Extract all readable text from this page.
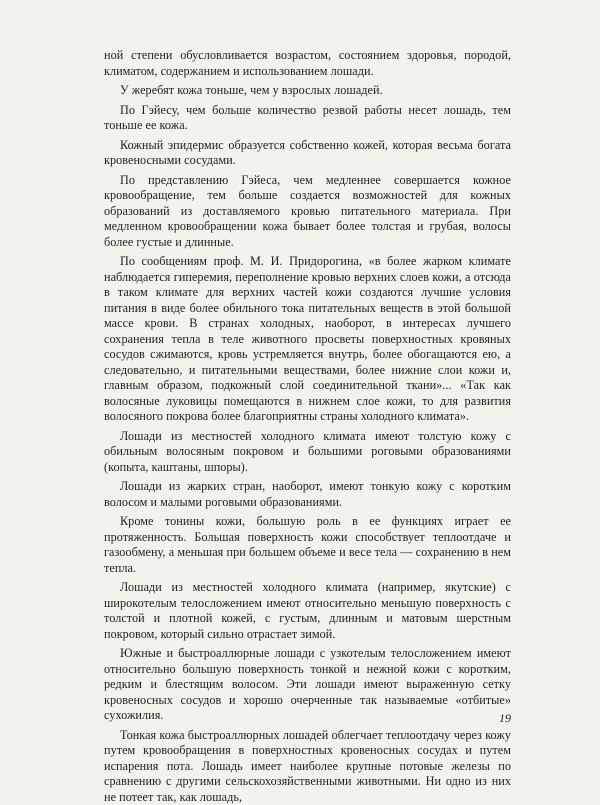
ной степени обусловливается возрастом, состоянием здоровья, породой, климатом, содержанием и использованием лошади.

У жеребят кожа тоньше, чем у взрослых лошадей.

По Гэйесу, чем больше количество резвой работы несет лошадь, тем тоньше ее кожа.

Кожный эпидермис образуется собственно кожей, которая весьма богата кровеносными сосудами.

По представлению Гэйеса, чем медленнее совершается кожное кровообращение, тем больше создается возможностей для кожных образований из доставляемого кровью питательного материала. При медленном кровообращении кожа бывает более толстая и грубая, волосы более густые и длинные.

По сообщениям проф. М. И. Придорогина, «в более жарком климате наблюдается гиперемия, переполнение кровью верхних слоев кожи, а отсюда в таком климате для верхних частей кожи создаются лучшие условия питания в виде более обильного тока питательных веществ в этой большой массе крови. В странах холодных, наоборот, в интересах лучшего сохранения тепла в теле животного просветы поверхностных кровяных сосудов сжимаются, кровь устремляется внутрь, более обогащаются ею, а следовательно, и питательными веществами, более нижние слои кожи и, главным образом, подкожный слой соединительной ткани»... «Так как волосяные луковицы помещаются в нижнем слое кожи, то для развития волосяного покрова более благоприятны страны холодного климата».

Лошади из местностей холодного климата имеют толстую кожу с обильным волосяным покровом и большими роговыми образованиями (копыта, каштаны, шпоры).

Лошади из жарких стран, наоборот, имеют тонкую кожу с коротким волосом и малыми роговыми образованиями.

Кроме тонины кожи, большую роль в ее функциях играет ее протяженность. Большая поверхность кожи способствует теплоотдаче и газообмену, а меньшая при большем объеме и весе тела — сохранению в нем тепла.

Лошади из местностей холодного климата (например, якутские) с широкотелым телосложением имеют относительно меньшую поверхность с толстой и плотной кожей, с густым, длинным и матовым шерстным покровом, который сильно отрастает зимой.

Южные и быстроаллюрные лошади с узкотелым телосложением имеют относительно большую поверхность тонкой и нежной кожи с коротким, редким и блестящим волосом. Эти лошади имеют выраженную сетку кровеносных сосудов и хорошо очерченные так называемые «отбитые» сухожилия.

Тонкая кожа быстроаллюрных лошадей облегчает теплоотдачу через кожу путем кровообращения в поверхностных кровеносных сосудах и путем испарения пота. Лошадь имеет наиболее крупные потовые железы по сравнению с другими сельскохозяйственными животными. Ни одно из них не потеет так, как лошадь,

19
